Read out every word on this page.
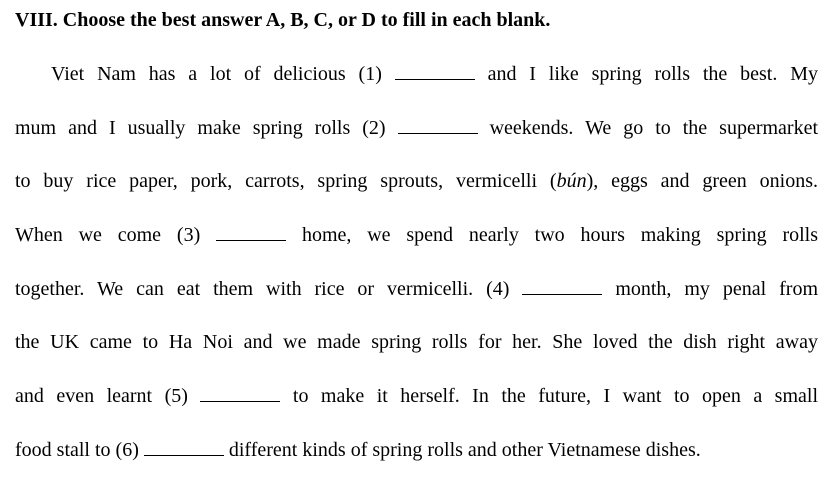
VIII. Choose the best answer A, B, C, or D to fill in each blank.
Viet Nam has a lot of delicious (1)	and I like spring rolls the best. My
mum and I usually make spring rolls (2)	weekends. We go to the supermarket
to buy rice paper, pork, carrots, spring sprouts, vermicelli (bún), eggs and green onions.
When we come (3)	home, we spend nearly two hours making spring rolls
together. We can eat them with rice or vermicelli. (4)	month, my penal from
the UK came to Ha Noi and we made spring rolls for her. She loved the dish right away
and even learnt (5)	to make it herself. In the future, I want to open a small
food stall to (6)	different kinds of spring rolls and other Vietnamese dishes.
